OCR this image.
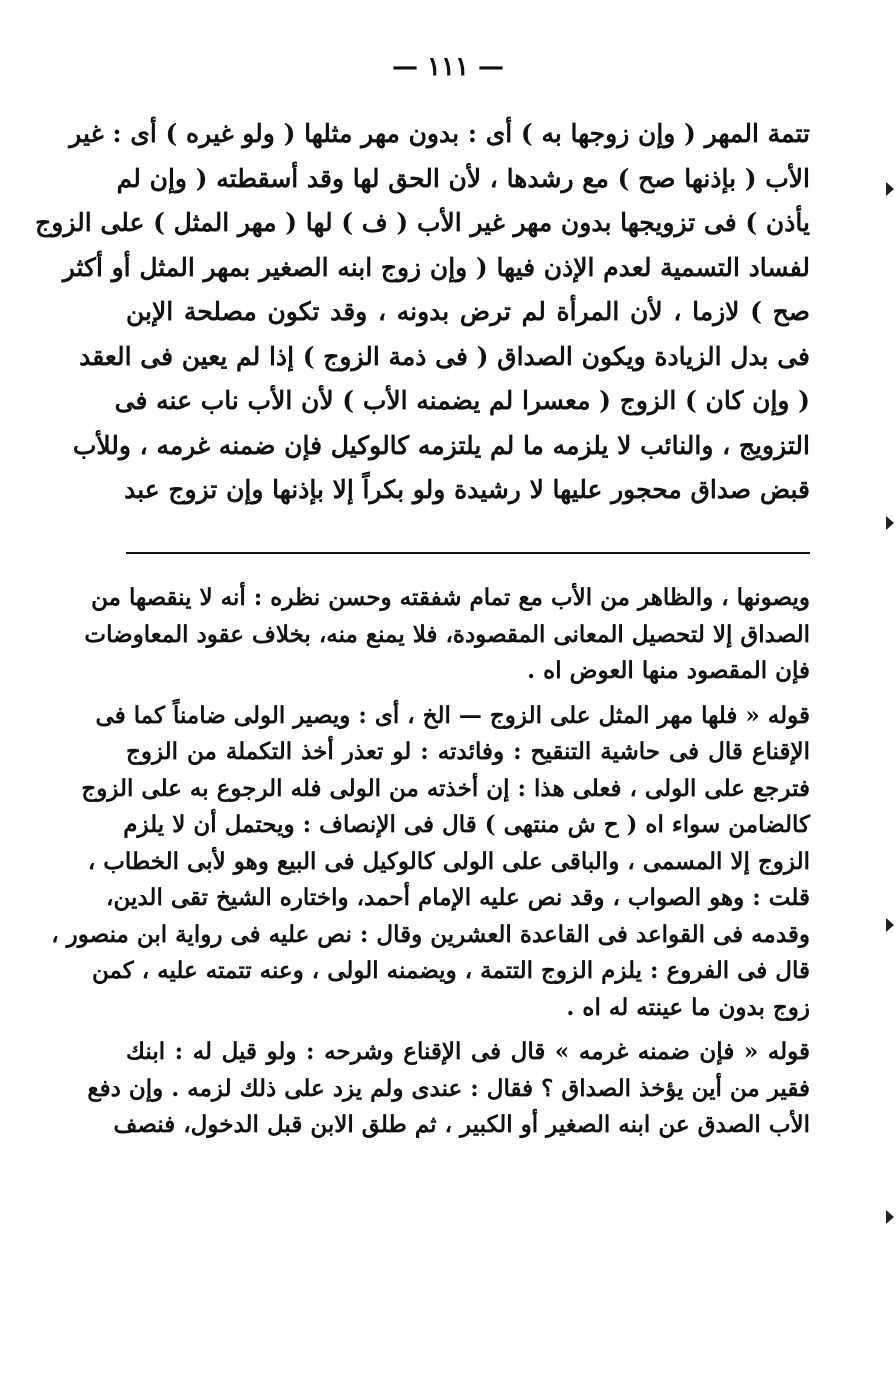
— ١١١ —
تتمة المهر ( وإن زوجها به ) أى : بدون مهر مثلها ( ولو غيره ) أى : غير
الأب ( بإذنها صح ) مع رشدها ، لأن الحق لها وقد أسقطته ( وإن لم
يأذن ) فى تزويجها بدون مهر غير الأب ( ف ) لها ( مهر المثل ) على الزوج
لفساد التسمية لعدم الإذن فيها ( وإن زوج ابنه الصغير بمهر المثل أو أكثر
صح ) لازما ، لأن المرأة لم ترض بدونه ، وقد تكون مصلحة الإبن
فى بدل الزيادة ويكون الصداق ( فى ذمة الزوج ) إذا لم يعين فى العقد
( وإن كان ) الزوج ( معسرا لم يضمنه الأب ) لأن الأب ناب عنه فى
التزويج ، والنائب لا يلزمه ما لم يلتزمه كالوكيل فإن ضمنه غرمه ، وللأب
قبض صداق محجور عليها لا رشيدة ولو بكراً إلا بإذنها وإن تزوج عبد
ويصونها ، والظاهر من الأب مع تمام شفقته وحسن نظره : أنه لا ينقصها من
الصداق إلا لتحصيل المعانى المقصودة، فلا يمنع منه، بخلاف عقود المعاوضات
فإن المقصود منها العوض اه .
قوله « فلها مهر المثل على الزوج — الخ ، أى : ويصير الولى ضامناً كما فى
الإقناع قال فى حاشية التنقيح : وفائدته : لو تعذر أخذ التكملة من الزوج
فترجع على الولى ، فعلى هذا : إن أخذته من الولى فله الرجوع به على الزوج
كالضامن سواء اه ( ح ش منتهى ) قال فى الإنصاف : ويحتمل أن لا يلزم
الزوج إلا المسمى ، والباقى على الولى كالوكيل فى البيع وهو لأبى الخطاب ،
قلت : وهو الصواب ، وقد نص عليه الإمام أحمد، واختاره الشيخ تقى الدين،
وقدمه فى القواعد فى القاعدة العشرين وقال : نص عليه فى رواية ابن منصور ،
قال فى الفروع : يلزم الزوج التتمة ، ويضمنه الولى ، وعنه تتمته عليه ، كمن
زوج بدون ما عينته له اه .
قوله « فإن ضمنه غرمه » قال فى الإقناع وشرحه : ولو قيل له : ابنك
فقير من أين يؤخذ الصداق ؟ فقال : عندى ولم يزد على ذلك لزمه . وإن دفع
الأب الصدق عن ابنه الصغير أو الكبير ، ثم طلق الابن قبل الدخول، فنصف
